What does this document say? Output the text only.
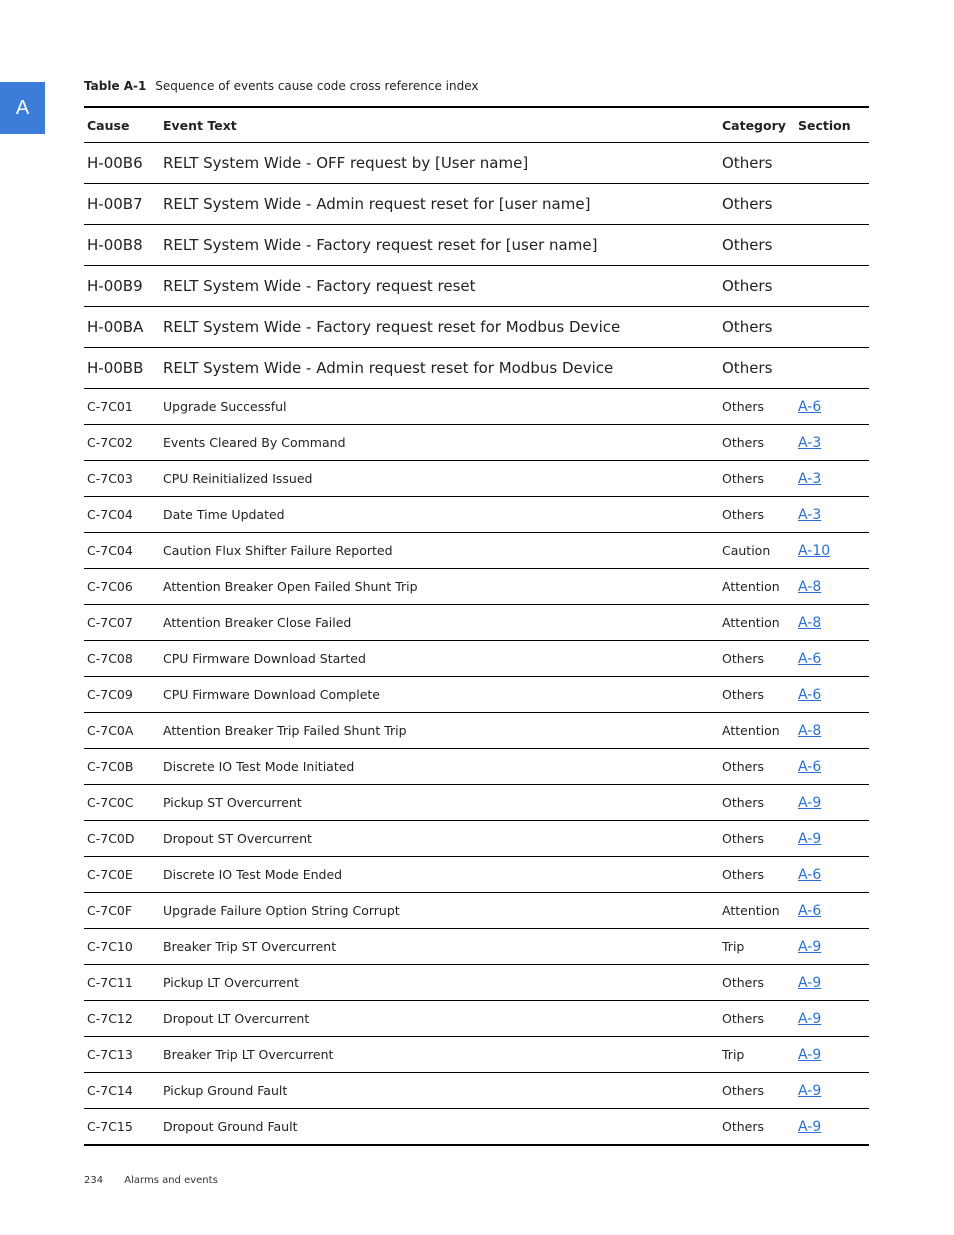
A
Table A-1 Sequence of events cause code cross reference index
Cause	Event Text	Category	Section
H-00B6	RELT System Wide - OFF request by [User name]	Others	
H-00B7	RELT System Wide - Admin request reset for [user name]	Others	
H-00B8	RELT System Wide - Factory request reset for [user name]	Others	
H-00B9	RELT System Wide - Factory request reset	Others	
H-00BA	RELT System Wide - Factory request reset for Modbus Device	Others	
H-00BB	RELT System Wide - Admin request reset for Modbus Device	Others	
C-7C01	Upgrade Successful	Others	A-6
C-7C02	Events Cleared By Command	Others	A-3
C-7C03	CPU Reinitialized Issued	Others	A-3
C-7C04	Date Time Updated	Others	A-3
C-7C04	Caution Flux Shifter Failure Reported	Caution	A-10
C-7C06	Attention Breaker Open Failed Shunt Trip	Attention	A-8
C-7C07	Attention Breaker Close Failed	Attention	A-8
C-7C08	CPU Firmware Download Started	Others	A-6
C-7C09	CPU Firmware Download Complete	Others	A-6
C-7C0A	Attention Breaker Trip Failed Shunt Trip	Attention	A-8
C-7C0B	Discrete IO Test Mode Initiated	Others	A-6
C-7C0C	Pickup ST Overcurrent	Others	A-9
C-7C0D	Dropout ST Overcurrent	Others	A-9
C-7C0E	Discrete IO Test Mode Ended	Others	A-6
C-7C0F	Upgrade Failure Option String Corrupt	Attention	A-6
C-7C10	Breaker Trip ST Overcurrent	Trip	A-9
C-7C11	Pickup LT Overcurrent	Others	A-9
C-7C12	Dropout LT Overcurrent	Others	A-9
C-7C13	Breaker Trip LT Overcurrent	Trip	A-9
C-7C14	Pickup Ground Fault	Others	A-9
C-7C15	Dropout Ground Fault	Others	A-9
234 Alarms and events
